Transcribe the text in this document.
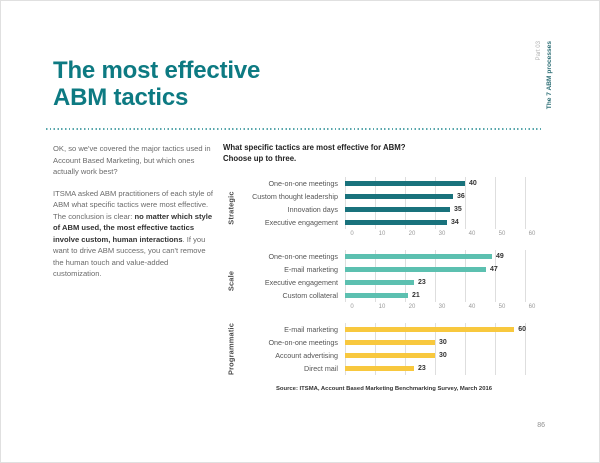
The most effective
ABM tactics

OK, so we've covered the major tactics used in Account Based Marketing, but which ones actually work best?

ITSMA asked ABM practitioners of each style of ABM what specific tactics were most effective. The conclusion is clear: no matter which style of ABM used, the most effective tactics involve custom, human interactions. If you want to drive ABM success, you can't remove the human touch and value-added customization.

What specific tactics are most effective for ABM?
Choose up to three.
Strategic
One-on-one meetings	40
Custom thought leadership	36
Innovation days	35
Executive engagement	34
0	10	20	30	40	50	60
Scale
One-on-one meetings	49
E-mail marketing	47
Executive engagement	23
Custom collateral	21
0	10	20	30	40	50	60
Programmatic	E-mail marketing	60
One-on-one meetings	30
Account advertising	30
Direct mail	23
Source: ITSMA, Account Based Marketing Benchmarking Survey, March 2016
Part 03 The 7 ABM processes
86
